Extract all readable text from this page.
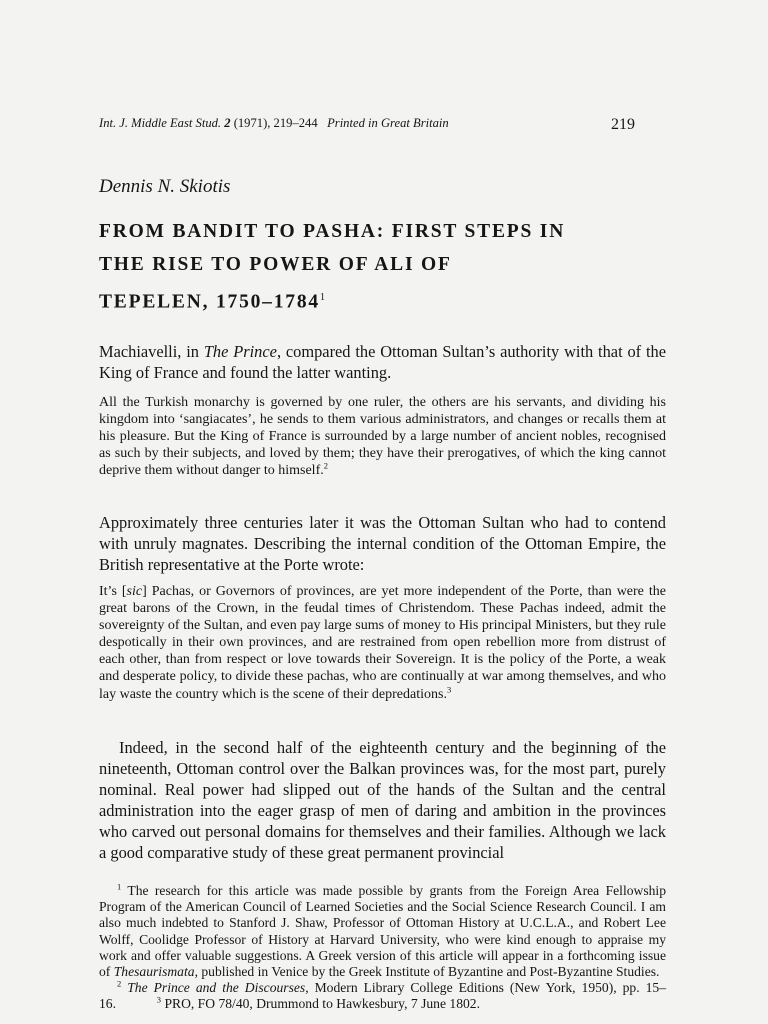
Int. J. Middle East Stud. 2 (1971), 219–244 Printed in Great Britain	219
Dennis N. Skiotis
FROM BANDIT TO PASHA: FIRST STEPS IN
THE RISE TO POWER OF ALI OF
TEPELEN, 1750–1784$^1$
Machiavelli, in The Prince, compared the Ottoman Sultan’s authority with that of the King of France and found the latter wanting.
All the Turkish monarchy is governed by one ruler, the others are his servants, and dividing his kingdom into ‘sangiacates’, he sends to them various administrators, and changes or recalls them at his pleasure. But the King of France is surrounded by a large number of ancient nobles, recognised as such by their subjects, and loved by them; they have their prerogatives, of which the king cannot deprive them without danger to himself.$^2$
Approximately three centuries later it was the Ottoman Sultan who had to contend with unruly magnates. Describing the internal condition of the Ottoman Empire, the British representative at the Porte wrote:
It’s [sic] Pachas, or Governors of provinces, are yet more independent of the Porte, than were the great barons of the Crown, in the feudal times of Christendom. These Pachas indeed, admit the sovereignty of the Sultan, and even pay large sums of money to His principal Ministers, but they rule despotically in their own provinces, and are restrained from open rebellion more from distrust of each other, than from respect or love towards their Sovereign. It is the policy of the Porte, a weak and desperate policy, to divide these pachas, who are continually at war among themselves, and who lay waste the country which is the scene of their depredations.$^3$
Indeed, in the second half of the eighteenth century and the beginning of the nineteenth, Ottoman control over the Balkan provinces was, for the most part, purely nominal. Real power had slipped out of the hands of the Sultan and the central administration into the eager grasp of men of daring and ambition in the provinces who carved out personal domains for themselves and their families. Although we lack a good comparative study of these great permanent provincial

$^1$ The research for this article was made possible by grants from the Foreign Area Fellowship Program of the American Council of Learned Societies and the Social Science Research Council. I am also much indebted to Stanford J. Shaw, Professor of Ottoman History at U.C.L.A., and Robert Lee Wolff, Coolidge Professor of History at Harvard University, who were kind enough to appraise my work and offer valuable suggestions. A Greek version of this article will appear in a forthcoming issue of Thesaurismata, published in Venice by the Greek Institute of Byzantine and Post-Byzantine Studies.

$^2$ The Prince and the Discourses, Modern Library College Editions (New York, 1950), pp. 15–16.	$^3$ PRO, FO 78/40, Drummond to Hawkesbury, 7 June 1802.
